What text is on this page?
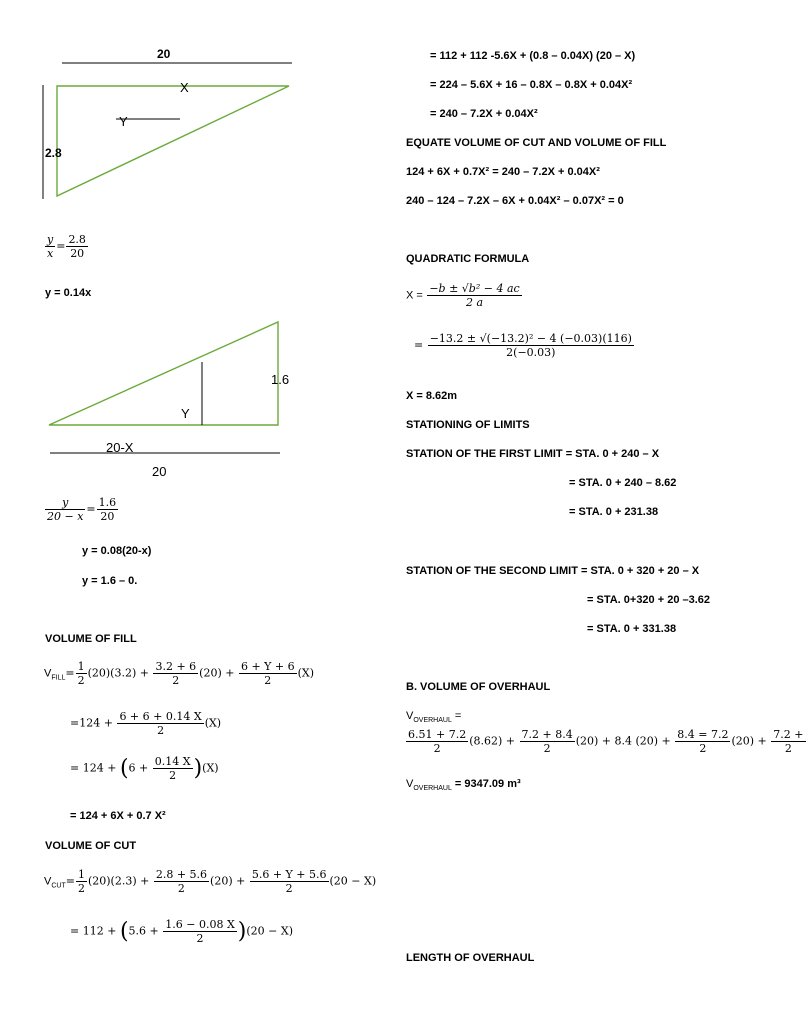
20
X
Y
2.8
$\frac{y}{x} = \frac{2.8}{20}$
y = 0.14x
1.6
Y
20-X
20
$\frac{y}{20 - x} = \frac{1.6}{20}$
y = 0.08(20-x)
y = 1.6 – 0.
VOLUME OF FILL
$V_{FILL}= \frac{1}{2} (20)(3.2) + \frac{3.2 + 6}{2} (20) + \frac{6 + Y + 6}{2} (X)$
$=124 + \frac{6 + 6 + 0.14 X}{2} (X)$
= $124 + (6 + \frac{0.14 X}{2} )(X)$
= 124 + 6X + 0.7 X²
VOLUME OF CUT
$V_{CUT}= \frac{1}{2} (20)(2.3) + \frac{2.8 + 5.6}{2} (20) + \frac{5.6 + Y + 5.6}{2} (20 - X)$
= $112 + (5.6 + \frac{1.6 - 0.08 X}{2} )(20 - X)$
= 112 + 112 -5.6X + (0.8 – 0.04X) (20 – X)
= 224 – 5.6X + 16 – 0.8X – 0.8X + 0.04X²
= 240 – 7.2X + 0.04X²
EQUATE VOLUME OF CUT AND VOLUME OF FILL
124 + 6X + 0.7X² = 240 – 7.2X + 0.04X²
240 – 124 – 7.2X – 6X + 0.04X² – 0.07X² = 0
QUADRATIC FORMULA
$X = \frac{\text{−b ± √b² − 4 ac}}{2 a}$
= $\frac{\text{−13.2 ± √(−13.2)² − 4 (−0.03)(116)}}{2(-0.03)}$
X = 8.62m
STATIONING OF LIMITS
STATION OF THE FIRST LIMIT = STA. 0 + 240 – X
= STA. 0 + 240 – 8.62
= STA. 0 + 231.38
STATION OF THE SECOND LIMIT = STA. 0 + 320 + 20 – X
= STA. 0+320 + 20 –3.62
= STA. 0 + 331.38
B. VOLUME OF OVERHAUL
$V_{OVERHAUL}$ =
$\frac{6.51 + 7.2}{2} (8.62) + \frac{7.2 + 8.4}{2} (20) + 8.4$ $(20) + \frac{8.4 = 7.2}{2} (20) + \frac{7.2 +}{2}$
$V_{OVERHAUL} = 9347.09$ m³
LENGTH OF OVERHAUL
